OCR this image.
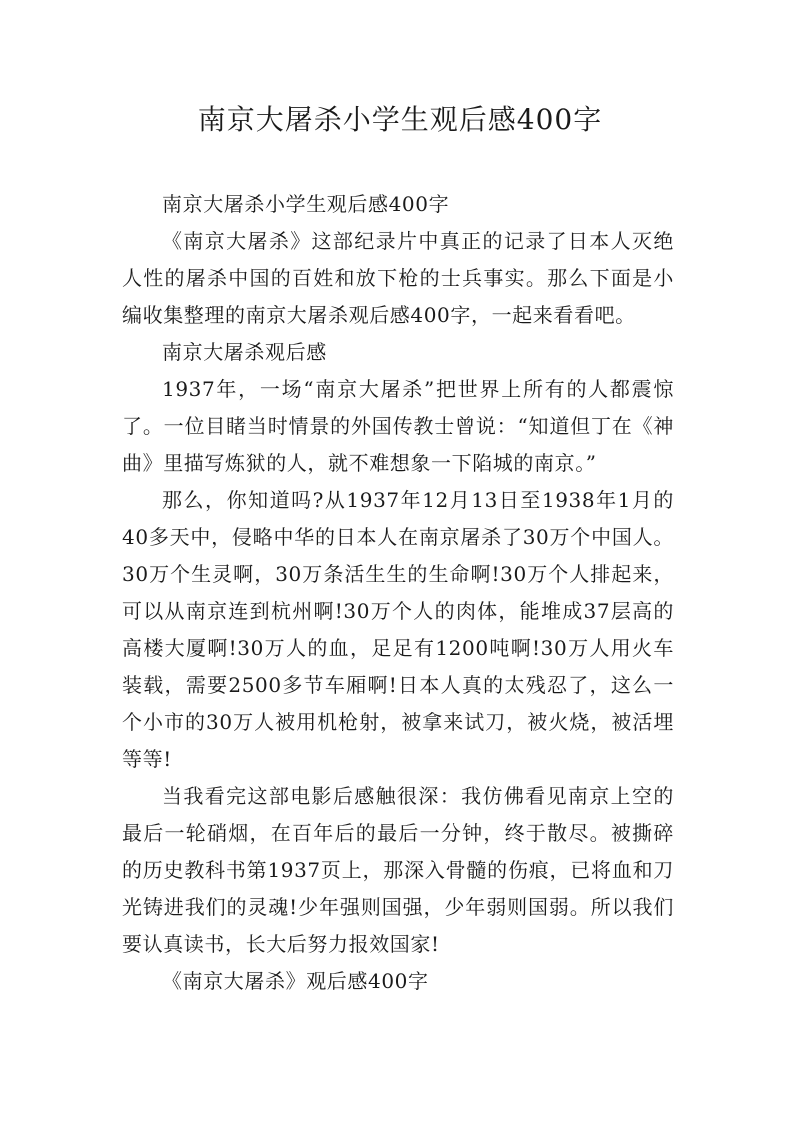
南京大屠杀小学生观后感400字

南京大屠杀小学生观后感400字

《南京大屠杀》这部纪录片中真正的记录了日本人灭绝人性的屠杀中国的百姓和放下枪的士兵事实。那么下面是小编收集整理的南京大屠杀观后感400字，一起来看看吧。

南京大屠杀观后感

1937年，一场“南京大屠杀”把世界上所有的人都震惊了。一位目睹当时情景的外国传教士曾说：“知道但丁在《神曲》里描写炼狱的人，就不难想象一下陷城的南京。”

那么，你知道吗?从1937年12月13日至1938年1月的40多天中，侵略中华的日本人在南京屠杀了30万个中国人。30万个生灵啊，30万条活生生的生命啊!30万个人排起来，可以从南京连到杭州啊!30万个人的肉体，能堆成37层高的高楼大厦啊!30万人的血，足足有1200吨啊!30万人用火车装载，需要2500多节车厢啊!日本人真的太残忍了，这么一个小市的30万人被用机枪射，被拿来试刀，被火烧，被活埋等等!

当我看完这部电影后感触很深：我仿佛看见南京上空的最后一轮硝烟，在百年后的最后一分钟，终于散尽。被撕碎的历史教科书第1937页上，那深入骨髓的伤痕，已将血和刀光铸进我们的灵魂!少年强则国强，少年弱则国弱。所以我们要认真读书，长大后努力报效国家!

《南京大屠杀》观后感400字
